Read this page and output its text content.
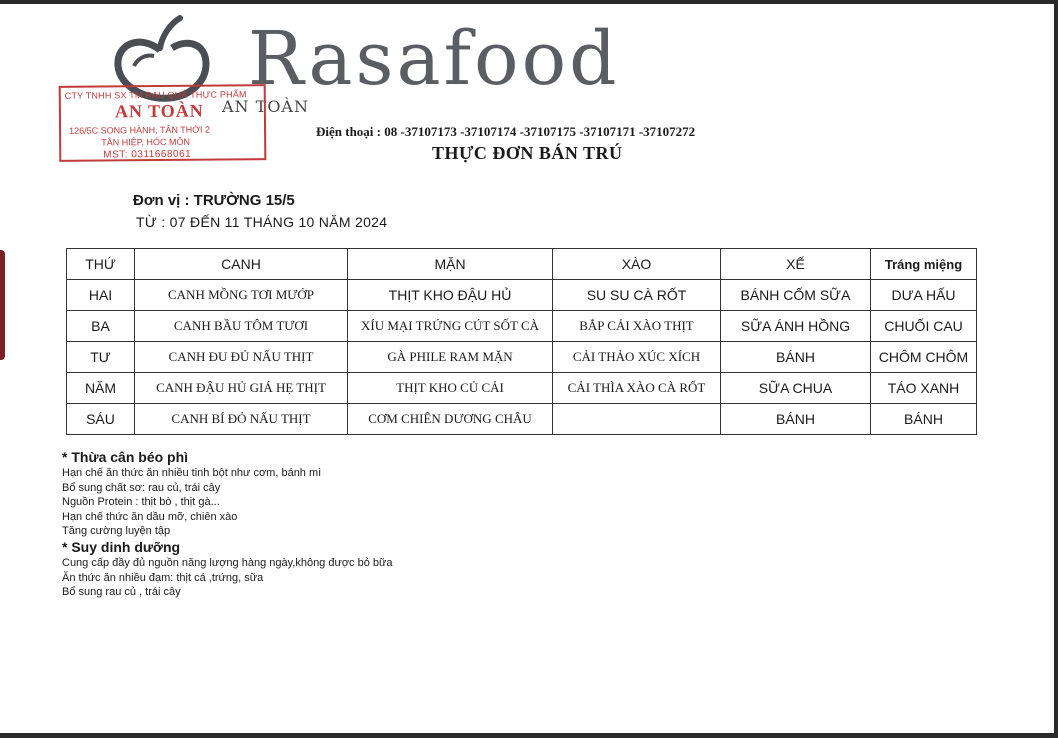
Rasafood
AN TOÀN
CTY TNHH SX TM RAU QUẢ THỰC PHẨM
AN TOÀN
126/5C SONG HÀNH, TÂN THỚI 2
TÂN HIỆP, HÓC MÔN
MST: 0311668061
Điện thoại : 08 -37107173 -37107174 -37107175 -37107171 -37107272
THỰC ĐƠN BÁN TRÚ
Đơn vị : TRƯỜNG 15/5
TỪ : 07 ĐẾN 11 THÁNG 10 NĂM 2024
THỨ	CANH	MẶN	XÀO	XẾ	Tráng miệng
HAI	CANH MỒNG TƠI MƯỚP	THỊT KHO ĐẬU HỦ	SU SU CÀ RỐT	BÁNH CỐM SỮA	DƯA HẤU
BA	CANH BẦU TÔM TƯƠI	XÍU MẠI TRỨNG CÚT SỐT CÀ	BẮP CẢI XÀO THỊT	SỮA ÁNH HỒNG	CHUỐI CAU
TƯ	CANH ĐU ĐỦ NẤU THỊT	GÀ PHILE RAM MẶN	CẢI THẢO XÚC XÍCH	BÁNH	CHÔM CHÔM
NĂM	CANH ĐẬU HỦ GIÁ HẸ THỊT	THỊT KHO CỦ CẢI	CẢI THÌA XÀO CÀ RỐT	SỮA CHUA	TÁO XANH
SÁU	CANH BÍ ĐỎ NẤU THỊT	CƠM CHIÊN DƯƠNG CHÂU		BÁNH	BÁNH
* Thừa cân béo phì
Hạn chế ăn thức ăn nhiều tinh bột như cơm, bánh mì
Bổ sung chất sơ: rau củ, trái cây
Nguồn Protein : thịt bò , thịt gà...
Hạn chế thức ăn dầu mỡ, chiên xào
Tăng cường luyện tập
* Suy dinh dưỡng
Cung cấp đầy đủ nguồn năng lượng hàng ngày,không được bỏ bữa
Ăn thức ăn nhiều đạm: thịt cá ,trứng, sữa
Bổ sung rau củ , trái cây
